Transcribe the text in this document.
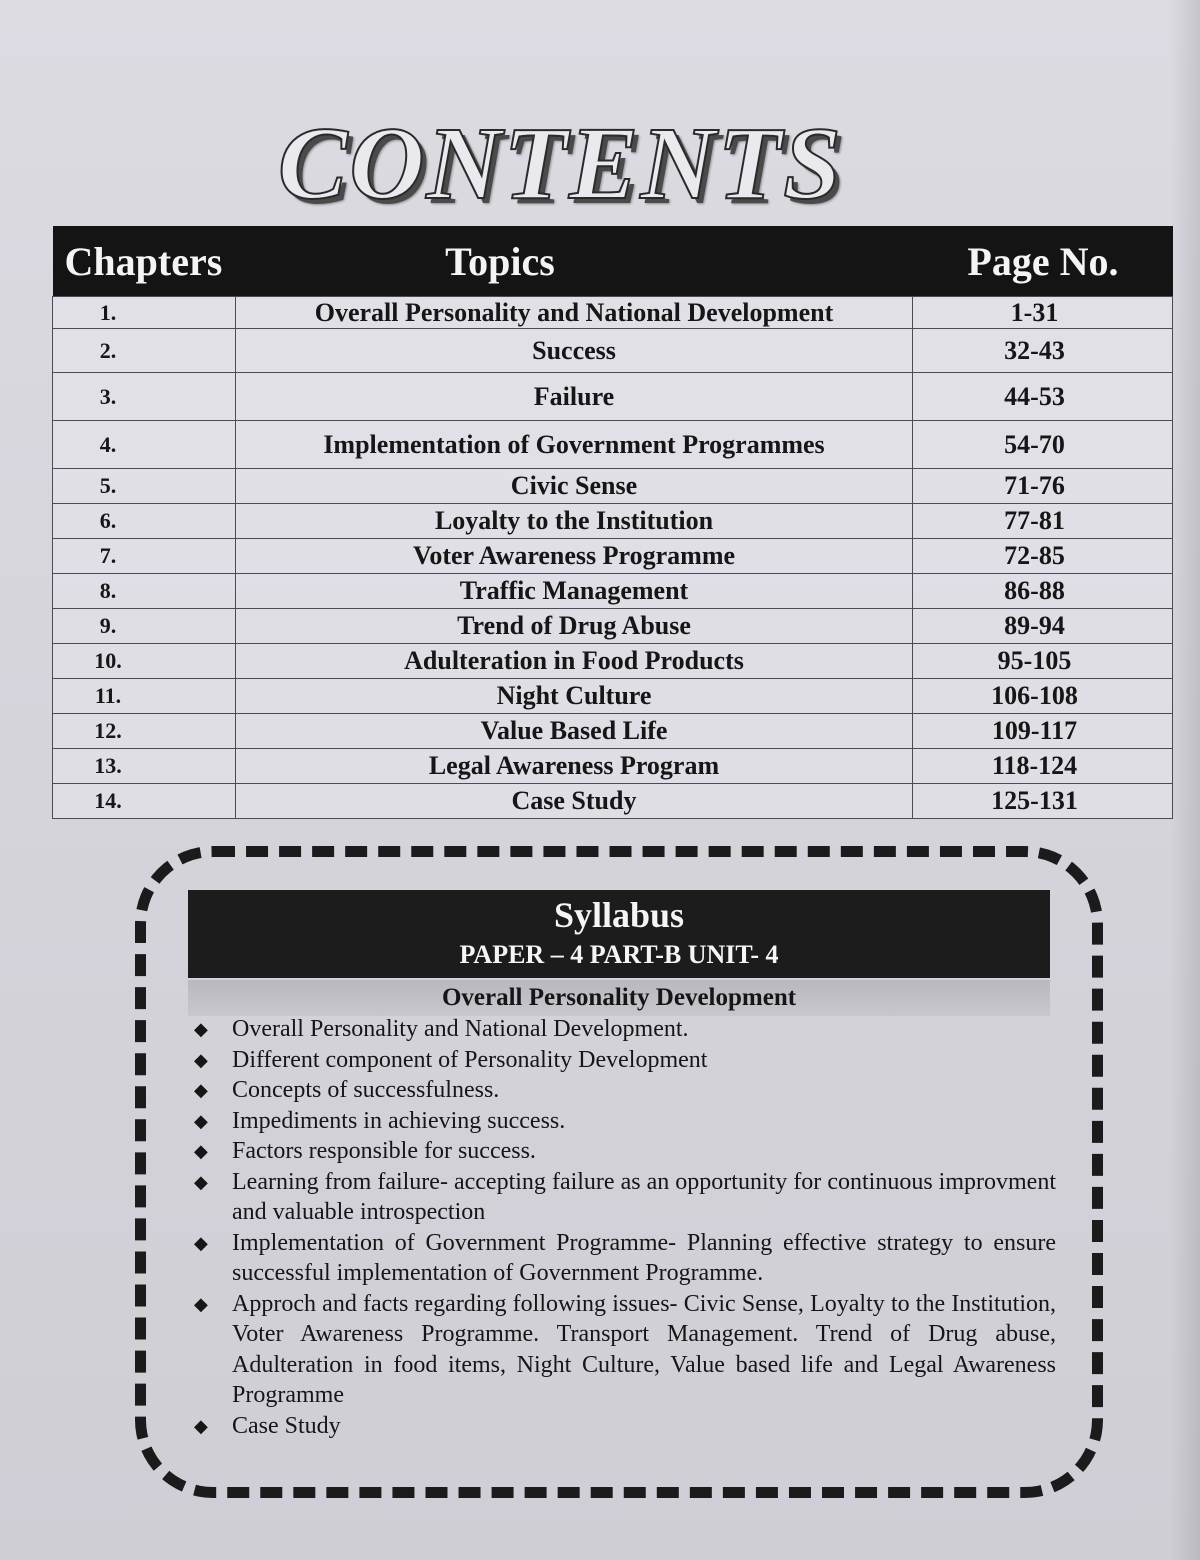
CONTENTS
Chapters	Topics	Page No.
1.	Overall Personality and National Development	1-31
2.	Success	32-43
3.	Failure	44-53
4.	Implementation of Government Programmes	54-70
5.	Civic Sense	71-76
6.	Loyalty to the Institution	77-81
7.	Voter Awareness Programme	72-85
8.	Traffic Management	86-88
9.	Trend of Drug Abuse	89-94
10.	Adulteration in Food Products	95-105
11.	Night Culture	106-108
12.	Value Based Life	109-117
13.	Legal Awareness Program	118-124
14.	Case Study	125-131
Syllabus
PAPER – 4 PART-B UNIT- 4
Overall Personality Development
◆ Overall Personality and National Development.
◆ Different component of Personality Development
◆ Concepts of successfulness.
◆ Impediments in achieving success.
◆ Factors responsible for success.
◆ Learning from failure- accepting failure as an opportunity for continuous improvment and valuable introspection
◆ Implementation of Government Programme- Planning effective strategy to ensure successful implementation of Government Programme.
◆ Approch and facts regarding following issues- Civic Sense, Loyalty to the Institution, Voter Awareness Programme. Transport Management. Trend of Drug abuse, Adulteration in food items, Night Culture, Value based life and Legal Awareness Programme
◆ Case Study
